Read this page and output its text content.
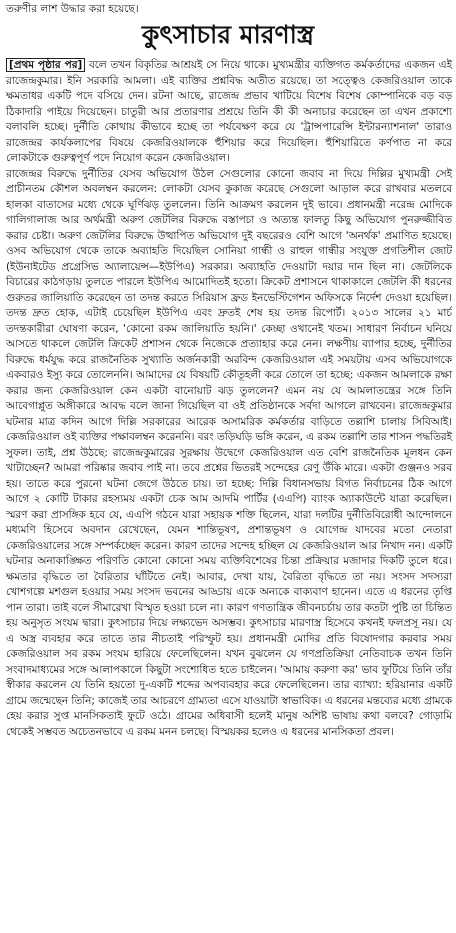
তরুণীর লাশ উদ্ধার করা হয়েছে।
কুৎসাচার মারণাস্ত্র

[প্রথম পৃষ্ঠার পর] বলে তখন বিকৃতির আশ্রয়ই সে নিয়ে থাকে। মুখ্যমন্ত্রীর ব্যক্তিগত কর্মকর্তাদের একজন এই রাজেন্দ্রকুমার। ইনি সরকারি আমলা। এই ব্যক্তির প্রশ্নবিদ্ধ অতীত রয়েছে। তা সত্ত্বেও কেজরিওয়াল তাকে ক্ষমতাধর একটি পদে বসিয়ে দেন। রটনা আছে, রাজেন্দ্র প্রভাব খাটিয়ে বিশেষ বিশেষ কোম্পানিকে বড় বড় ঠিকাদারি পাইয়ে দিয়েছেন। চাতুরী আর প্রতারণার প্রশ্রয়ে তিনি কী কী অনাচার করেছেন তা এখন প্রকাশ্যে বলাবলি হচ্ছে। দুর্নীতি কোথায় কীভাবে হচ্ছে তা পর্যবেক্ষণ করে যে 'ট্রান্সপারেন্সি ইন্টারন্যাশনাল' তারাও রাজেন্দ্রর কার্যকলাপের বিষয়ে কেজরিওয়ালকে হুঁশিয়ার করে দিয়েছিল। হুঁশিয়ারিতে কর্ণপাত না করে লোকটাকে গুরুত্বপূর্ণ পদে নিয়োগ করেন কেজরিওয়াল।

রাজেন্দ্রর বিরুদ্ধে দুর্নীতির যেসব অভিযোগ উঠল সেগুলোর কোনো জবাব না দিয়ে দিল্লির মুখ্যমন্ত্রী সেই প্রাচীনতম কৌশল অবলম্বন করলেন: লোকটা যেসব কুকাজ করেছে সেগুলো আড়াল করে রাখবার মতলবে হালকা বাতাসের মধ্যে থেকে ঘূর্ণিঝড় তুললেন। তিনি আক্রমণ করলেন দুই ভাবে। প্রধানমন্ত্রী নরেন্দ্র মোদিকে গালিগালাজ আর অর্থমন্ত্রী অরুণ জেটলির বিরুদ্ধে বস্তাপচা ও অত্যন্ত ফালতু কিছু অভিযোগ পুনরুজ্জীবিত করার চেষ্টা। অরুণ জেটলির বিরুদ্ধে উত্থাপিত অভিযোগ দুই বছরেরও বেশি আগে 'অনর্থক' প্রমাণিত হয়েছে। ওসব অভিযোগ থেকে তাকে অব্যাহতি দিয়েছিল সোনিয়া গান্ধী ও রাহুল গান্ধীর সংযুক্ত প্রগতিশীল জোট (ইউনাইটেড প্রগ্রেসিভ অ্যালায়েন্স—ইউপিএ) সরকার। অব্যাহতি দেওয়াটা দয়ার দান ছিল না। জেটলিকে বিচারের কাঠগড়ায় তুলতে পারলে ইউপিএ আমোদিতই হতো। ক্রিকেট প্রশাসনে থাকাকালে জেটলি কী ধরনের গুরুতর জালিয়াতি করেছেন তা তদন্ত করতে সিরিয়াস ফ্রড ইনভেস্টিগেশন অফিসকে নির্দেশ দেওয়া হয়েছিল। তদন্ত দ্রুত হোক, এটাই চেয়েছিল ইউপিএ এবং দ্রুতই শেষ হয় তদন্ত রিপোর্ট। ২০১৩ সালের ২১ মার্চ তদন্তকারীরা ঘোষণা করেন, 'কোনো রকম জালিয়াতি হয়নি।' কেচ্ছা ওখানেই খতম। সাধারণ নির্বাচন ঘনিয়ে আসতে থাকলে জেটলি ক্রিকেট প্রশাসন থেকে নিজেকে প্রত্যাহার করে নেন। লক্ষণীয় ব্যাপার হচ্ছে, দুর্নীতির বিরুদ্ধে ধর্মযুদ্ধ করে রাজনৈতিক সুখ্যাতি অর্জনকারী অরবিন্দ কেজরিওয়াল এই সময়টায় এসব অভিযোগকে একবারও ইস্যু করে তোলেননি। আমাদের যে বিষয়টি কৌতূহলী করে তোলে তা হচ্ছে: একজন আমলাকে রক্ষা করার জন্য কেজরিওয়াল কেন একটা বানোয়াট ঝড় তুললেন? এমন নয় যে আমলাতন্ত্রের সঙ্গে তিনি আবেগাপ্লুত অঙ্গীকারে আবদ্ধ বলে জানা গিয়েছিল বা ওই প্রতিষ্ঠানকে সর্বদা আগলে রাখবেন। রাজেন্দ্রকুমার ঘটনার মাত্র কদিন আগে দিল্লি সরকারের আরেক অসামরিক কর্মকর্তার বাড়িতে তল্লাশি চালায় সিবিআই। কেজরিওয়াল ওই ব্যক্তির পক্ষাবলম্বন করেননি। বরং তড়িঘড়ি ভঙ্গি করেন, এ রকম তল্লাশি তার শাসন পদ্ধতিরই সুফল। তাই, প্রশ্ন উঠছে: রাজেন্দ্রকুমারের সুরক্ষায় উদ্বেগে কেজরিওয়াল এত বেশি রাজনৈতিক মূলধন কেন খাটাচ্ছেন? আমরা পরিষ্কার জবাব পাই না। তবে প্রশ্নের ভিতরই সন্দেহের রেণু উঁকি মারে। একটা গুঞ্জনও সরব হয়। তাতে করে পুরনো ঘটনা জেগে উঠতে চায়। তা হচ্ছে: দিল্লি বিধানসভায় বিগত নির্বাচনের ঠিক আগে আগে ২ কোটি টাকার রহস্যময় একটা চেক আম আদমি পার্টির (এএপি) ব্যাংক অ্যাকাউন্টে যাত্রা করেছিল। স্মরণ করা প্রাসঙ্গিক হবে যে, এএপি গঠনে যারা সহায়ক শক্তি ছিলেন, যারা দলটির দুর্নীতিবিরোধী আন্দোলনে মধ্যমণি হিসেবে অবদান রেখেছেন, যেমন শান্তিভূষণ, প্রশান্তভূষণ ও যোগেন্দ্র যাদবের মতো নেতারা কেজরিওয়ালের সঙ্গে সম্পর্কচ্ছেদ করেন। কারণ তাদের সন্দেহ হচ্ছিল যে কেজরিওয়াল আর নিখাদ নন। একটি ঘটনার অনাকাঙ্ক্ষিত পরিণতি কোনো কোনো সময় ব্যক্তিবিশেষের চিন্তা প্রক্রিয়ার মজাদার দিকটি তুলে ধরে। ক্ষমতার বৃদ্ধিতে তা বৈরিতার ঘাঁটিতে নেই। আবার, দেখা যায়, বৈরিতা বৃদ্ধিতে তা নয়। সংসদ সদস্যরা খোশগল্পে মশগুল হওয়ার সময় সংসদ ভবনের আড্ডায় একে অন্যকে বাক্যবাণ হানেন। এতে এ ধরনের তৃপ্তি পান তারা। তাই বলে সীমারেখা বিস্মৃত হওয়া চলে না। কারণ গণতান্ত্রিক জীবনচর্চায় তার কতটা পুষ্টি তা চিন্তিত হয় অনুসৃত সংযম দ্বারা। কুৎসাচার দিয়ে লক্ষ্যভেদ অসম্ভব। কুৎসাচার মারণাস্ত্র হিসেবে কখনই ফলপ্রসূ নয়। যে এ অস্ত্র ব্যবহার করে তাতে তার নীচতাই পরিস্ফুট হয়। প্রধানমন্ত্রী মোদির প্রতি বিষোদগার করবার সময় কেজরিওয়াল সব রকম সংযম হারিয়ে ফেলেছিলেন। যখন বুঝলেন যে গণপ্রতিক্রিয়া নেতিবাচক তখন তিনি সংবাদমাধ্যমের সঙ্গে আলাপকালে কিছুটা সংশোধিত হতে চাইলেন। 'আমায় করুণা কর' ভাব ফুটিয়ে তিনি তাঁর স্বীকার করলেন যে তিনি হয়তো দু-একটি শব্দের অপব্যবহার করে ফেলেছিলেন। তার ব্যাখ্যা: হরিয়ানার একটি গ্রামে জন্মেছেন তিনি; কাজেই তার আচরণে গ্রাম্যতা এসে যাওয়াটা স্বাভাবিক। এ ধরনের মন্তব্যের মধ্যে গ্রামকে হেয় করার সুপ্ত মানসিকতাই ফুটে ওঠে। গ্রামের অধিবাসী হলেই মানুষ অশিষ্ট ভাষায় কথা বলবে? গোড়ামি থেকেই সম্ভবত অচেতনভাবে এ রকম মনন চলছে। বিস্ময়কর হলেও এ ধরনের মানসিকতা প্রবল।
